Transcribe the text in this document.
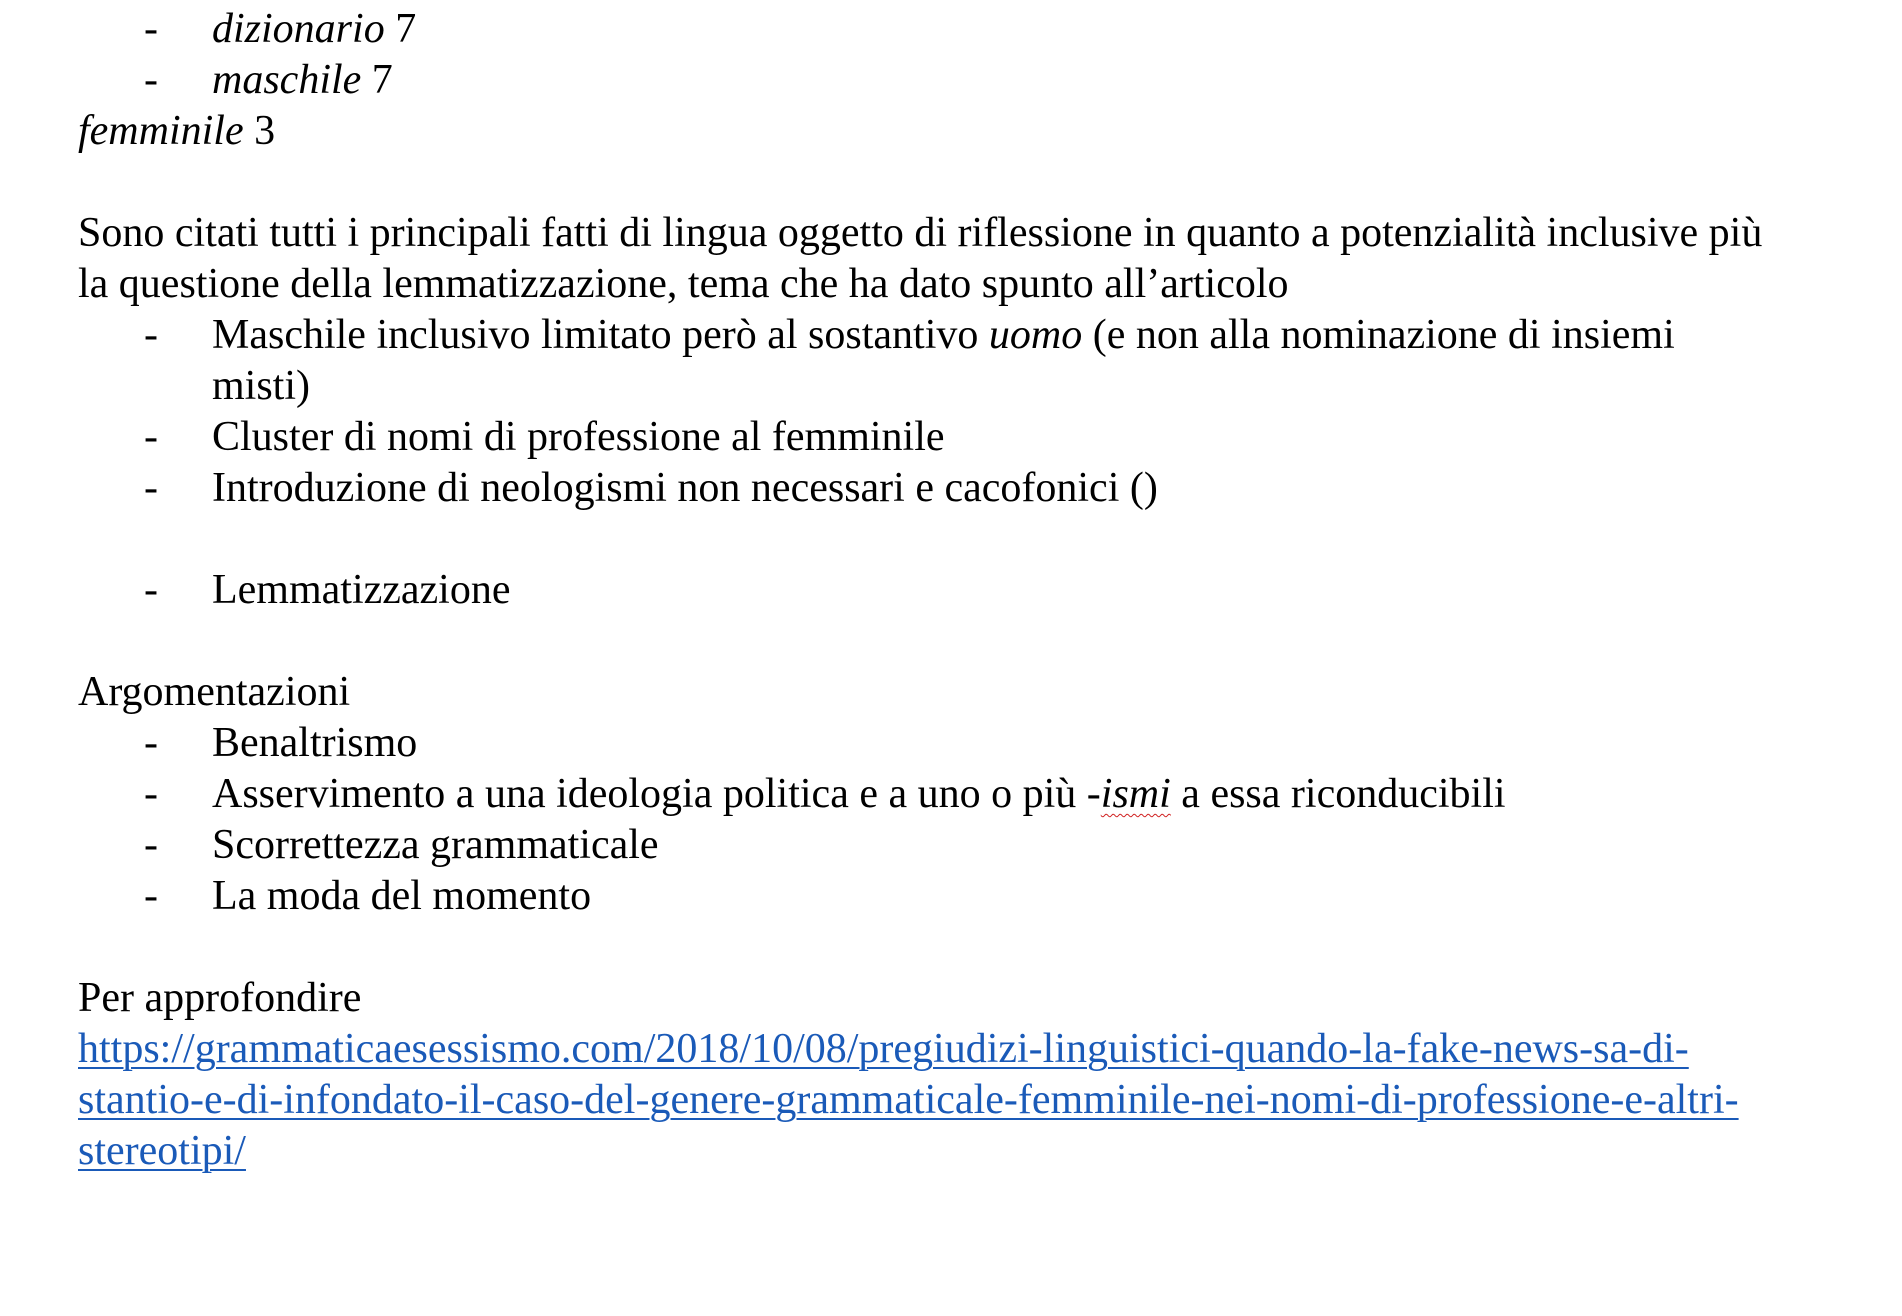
- dizionario 7
- maschile 7
femminile 3
Sono citati tutti i principali fatti di lingua oggetto di riflessione in quanto a potenzialità inclusive più
la questione della lemmatizzazione, tema che ha dato spunto all’articolo
- Maschile inclusivo limitato però al sostantivo uomo (e non alla nominazione di insiemi
misti)
- Cluster di nomi di professione al femminile
- Introduzione di neologismi non necessari e cacofonici ()
- Lemmatizzazione
Argomentazioni
- Benaltrismo
- Asservimento a una ideologia politica e a uno o più -ismi a essa riconducibili
- Scorrettezza grammaticale
- La moda del momento
Per approfondire
https://grammaticaesessismo.com/2018/10/08/pregiudizi-linguistici-quando-la-fake-news-sa-di-
stantio-e-di-infondato-il-caso-del-genere-grammaticale-femminile-nei-nomi-di-professione-e-altri-
stereotipi/
